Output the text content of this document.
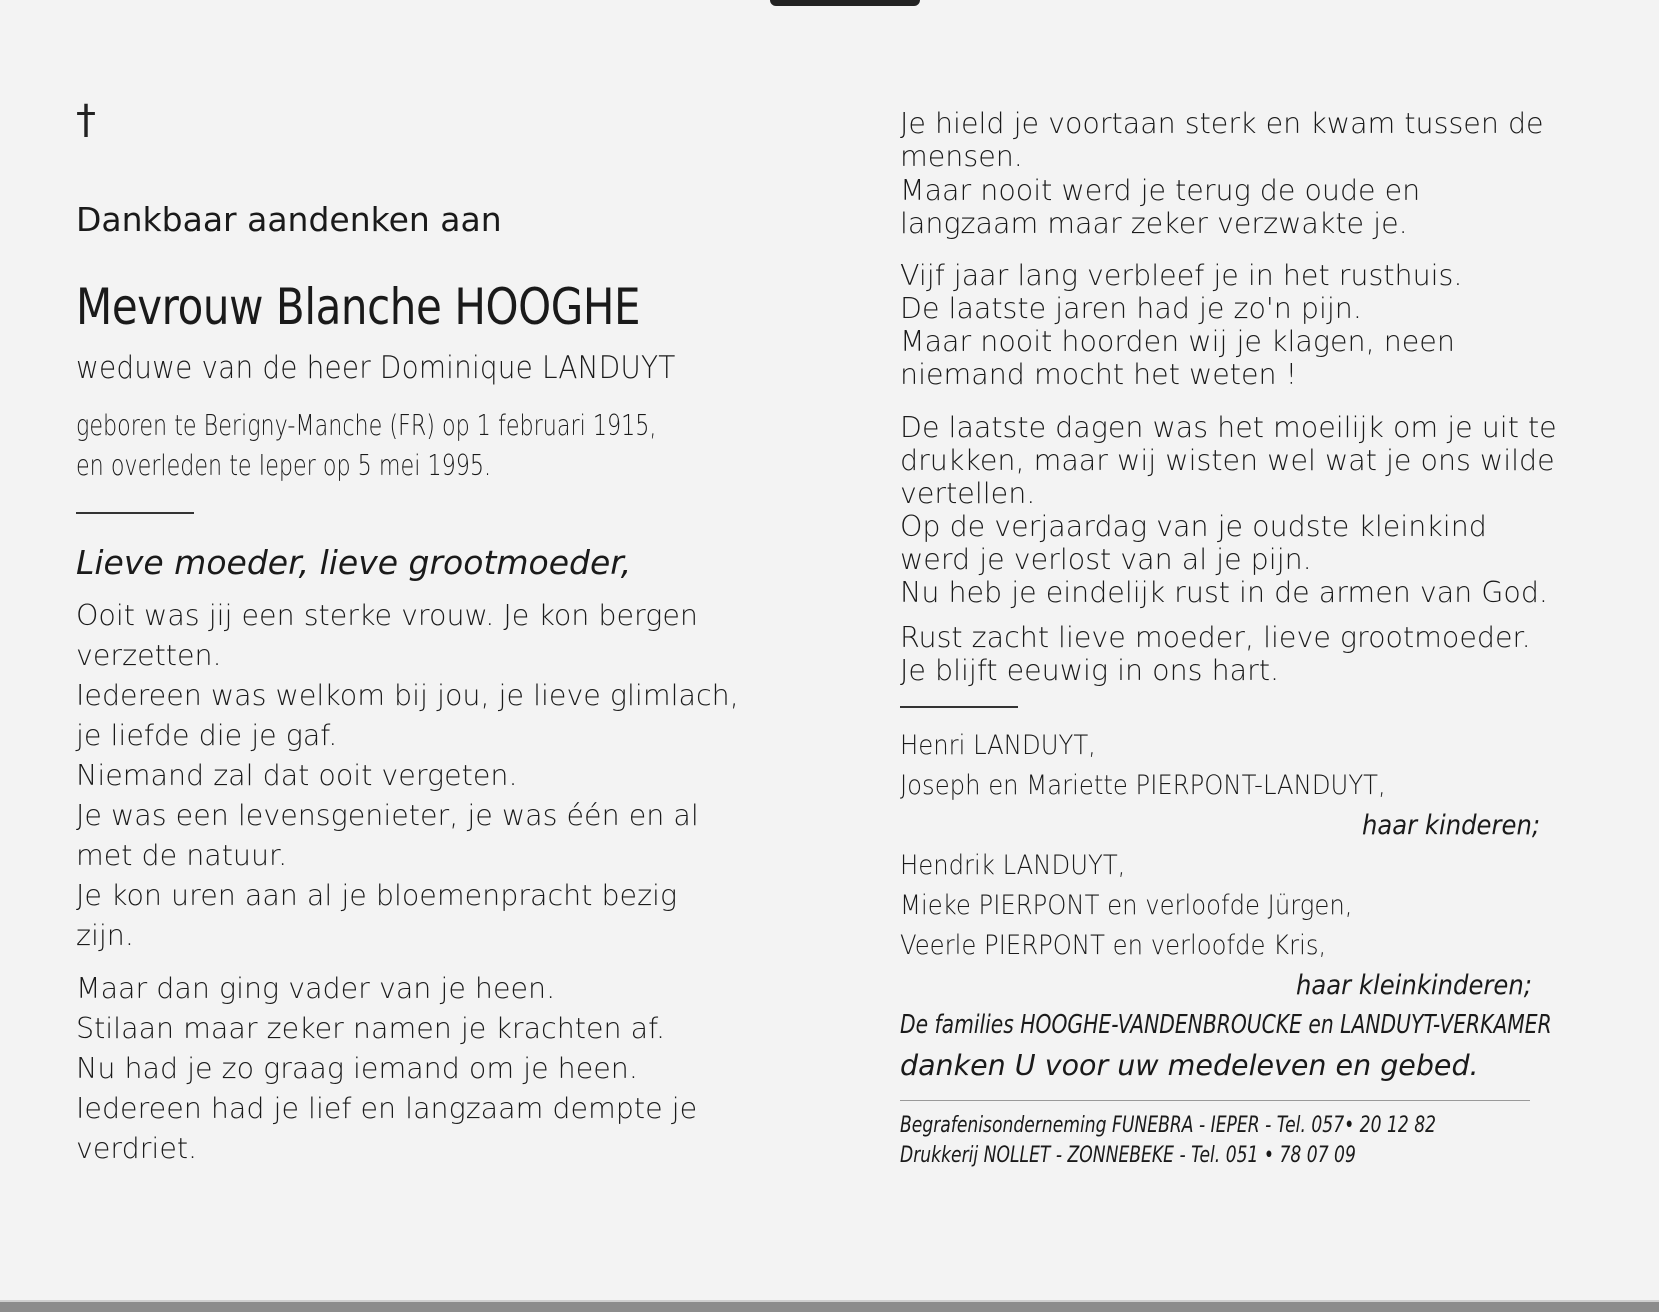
†
Dankbaar aandenken aan
Mevrouw Blanche HOOGHE
weduwe van de heer Dominique LANDUYT
geboren te Berigny-Manche (FR) op 1 februari 1915,
en overleden te Ieper op 5 mei 1995.
Lieve moeder, lieve grootmoeder,
Ooit was jij een sterke vrouw. Je kon bergen
verzetten.
Iedereen was welkom bij jou, je lieve glimlach,
je liefde die je gaf.
Niemand zal dat ooit vergeten.
Je was een levensgenieter, je was één en al
met de natuur.
Je kon uren aan al je bloemenpracht bezig
zijn.
Maar dan ging vader van je heen.
Stilaan maar zeker namen je krachten af.
Nu had je zo graag iemand om je heen.
Iedereen had je lief en langzaam dempte je
verdriet.
Je hield je voortaan sterk en kwam tussen de
mensen.
Maar nooit werd je terug de oude en
langzaam maar zeker verzwakte je.
Vijf jaar lang verbleef je in het rusthuis.
De laatste jaren had je zo'n pijn.
Maar nooit hoorden wij je klagen, neen
niemand mocht het weten !
De laatste dagen was het moeilijk om je uit te
drukken, maar wij wisten wel wat je ons wilde
vertellen.
Op de verjaardag van je oudste kleinkind
werd je verlost van al je pijn.
Nu heb je eindelijk rust in de armen van God.
Rust zacht lieve moeder, lieve grootmoeder.
Je blijft eeuwig in ons hart.
Henri LANDUYT,
Joseph en Mariette PIERPONT-LANDUYT,
haar kinderen;
Hendrik LANDUYT,
Mieke PIERPONT en verloofde Jürgen,
Veerle PIERPONT en verloofde Kris,
haar kleinkinderen;
De families HOOGHE-VANDENBROUCKE en LANDUYT-VERKAMER
danken U voor uw medeleven en gebed.
Begrafenisonderneming FUNEBRA - IEPER - Tel. 057• 20 12 82
Drukkerij NOLLET - ZONNEBEKE - Tel. 051 • 78 07 09
